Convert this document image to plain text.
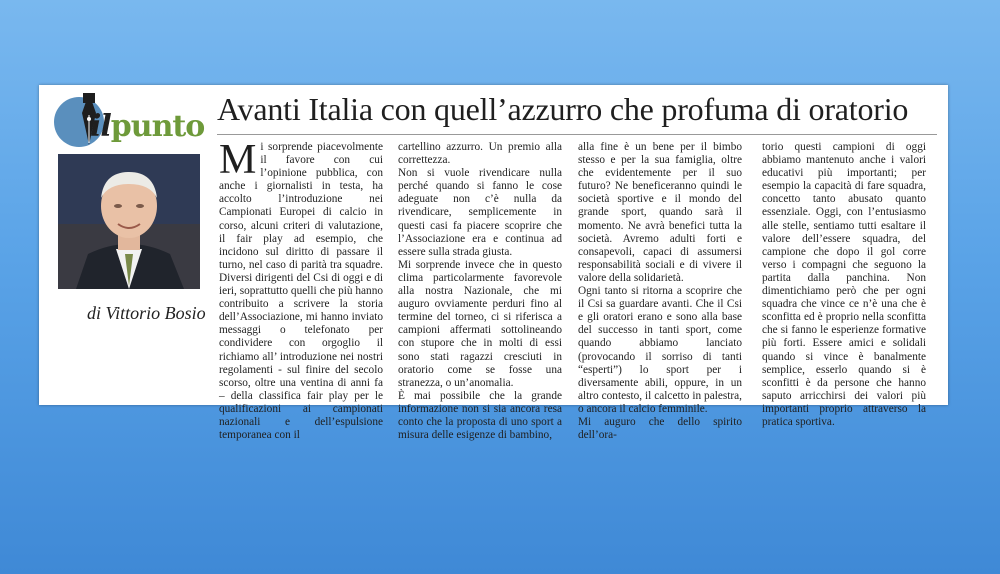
ilpunto Avanti Italia con quell’azzurro che profuma di oratorio
di Vittorio Bosio

Mi sorprende piacevolmente il favore con cui l’opinione pubblica, con anche i giornalisti in testa, ha accolto l’introduzione nei Campionati Europei di calcio in corso, alcuni criteri di valutazione, il fair play ad esempio, che incidono sul diritto di passare il turno, nel caso di parità tra squadre. Diversi dirigenti del Csi di oggi e di ieri, soprattutto quelli che più hanno contribuito a scrivere la storia dell’Associazione, mi hanno inviato messaggi o telefonato per condividere con orgoglio il richiamo all’ introduzione nei nostri regolamenti - sul finire del secolo scorso, oltre una ventina di anni fa – della classifica fair play per le qualificazioni ai campionati nazionali e dell’espulsione temporanea con il

cartellino azzurro. Un premio alla correttezza.

Non si vuole rivendicare nulla perché quando si fanno le cose adeguate non c’è nulla da rivendicare, semplicemente in questi casi fa piacere scoprire che l’Associazione era e continua ad essere sulla strada giusta.

Mi sorprende invece che in questo clima particolarmente favorevole alla nostra Nazionale, che mi auguro ovviamente perduri fino al termine del torneo, ci si riferisca a campioni affermati sottolineando con stupore che in molti di essi sono stati ragazzi cresciuti in oratorio come se fosse una stranezza, o un’anomalia.

È mai possibile che la grande informazione non si sia ancora resa conto che la proposta di uno sport a misura delle esigenze di bambino,

alla fine è un bene per il bimbo stesso e per la sua famiglia, oltre che evidentemente per il suo futuro? Ne beneficeranno quindi le società sportive e il mondo del grande sport, quando sarà il momento. Ne avrà benefici tutta la società. Avremo adulti forti e consapevoli, capaci di assumersi responsabilità sociali e di vivere il valore della solidarietà.

Ogni tanto si ritorna a scoprire che il Csi sa guardare avanti. Che il Csi e gli oratori erano e sono alla base del successo in tanti sport, come quando abbiamo lanciato (provocando il sorriso di tanti “esperti”) lo sport per i diversamente abili, oppure, in un altro contesto, il calcetto in palestra, o ancora il calcio femminile.

Mi auguro che dello spirito dell’ora-

torio questi campioni di oggi abbiamo mantenuto anche i valori educativi più importanti; per esempio la capacità di fare squadra, concetto tanto abusato quanto essenziale. Oggi, con l’entusiasmo alle stelle, sentiamo tutti esaltare il valore dell’essere squadra, del campione che dopo il gol corre verso i compagni che seguono la partita dalla panchina. Non dimentichiamo però che per ogni squadra che vince ce n’è una che è sconfitta ed è proprio nella sconfitta che si fanno le esperienze formative più forti. Essere amici e solidali quando si vince è banalmente semplice, esserlo quando si è sconfitti è da persone che hanno saputo arricchirsi dei valori più importanti proprio attraverso la pratica sportiva.
